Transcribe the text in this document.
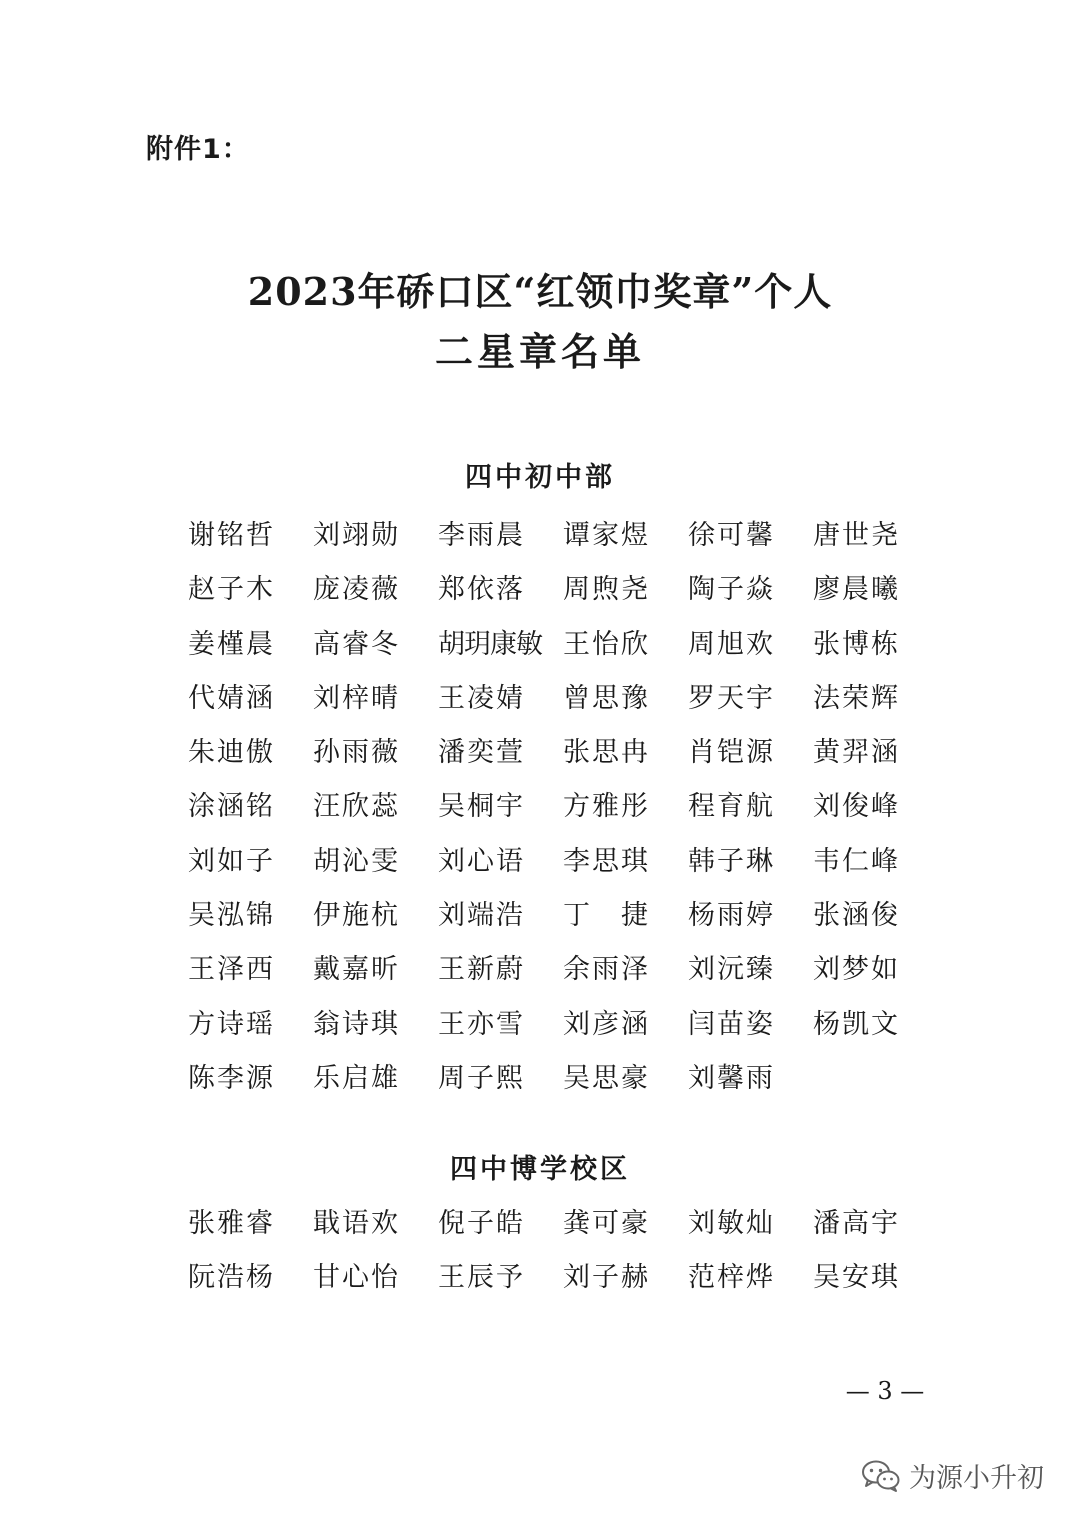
附件1：
2023年硚口区“红领巾奖章”个人
二星章名单
四中初中部
谢铭哲	刘翊勋	李雨晨	谭家煜	徐可馨	唐世尧
赵子木	庞凌薇	郑依落	周煦尧	陶子焱	廖晨曦
姜槿晨	高睿冬	胡玥康敏 王怡欣	周旭欢	张博栋
代婧涵	刘梓晴	王凌婧	曾思豫	罗天宇	法荣辉
朱迪傲	孙雨薇	潘奕萱	张思冉	肖铠源	黄羿涵
涂涵铭	汪欣蕊	吴桐宇	方雅彤	程育航	刘俊峰
刘如子	胡沁雯	刘心语	李思琪	韩子琳	韦仁峰
吴泓锦	伊施杭	刘端浩	丁　捷	杨雨婷	张涵俊
王泽西	戴嘉昕	王新蔚	余雨泽	刘沅臻	刘梦如
方诗瑶	翁诗琪	王亦雪	刘彦涵	闫苗姿	杨凯文
陈李源	乐启雄	周子熙	吴思豪	刘馨雨
四中博学校区
张雅睿	戢语欢	倪子皓	龚可豪	刘敏灿	潘高宇
阮浩杨	甘心怡	王辰予	刘子赫	范梓烨	吴安琪
— 3 —
为源小升初
